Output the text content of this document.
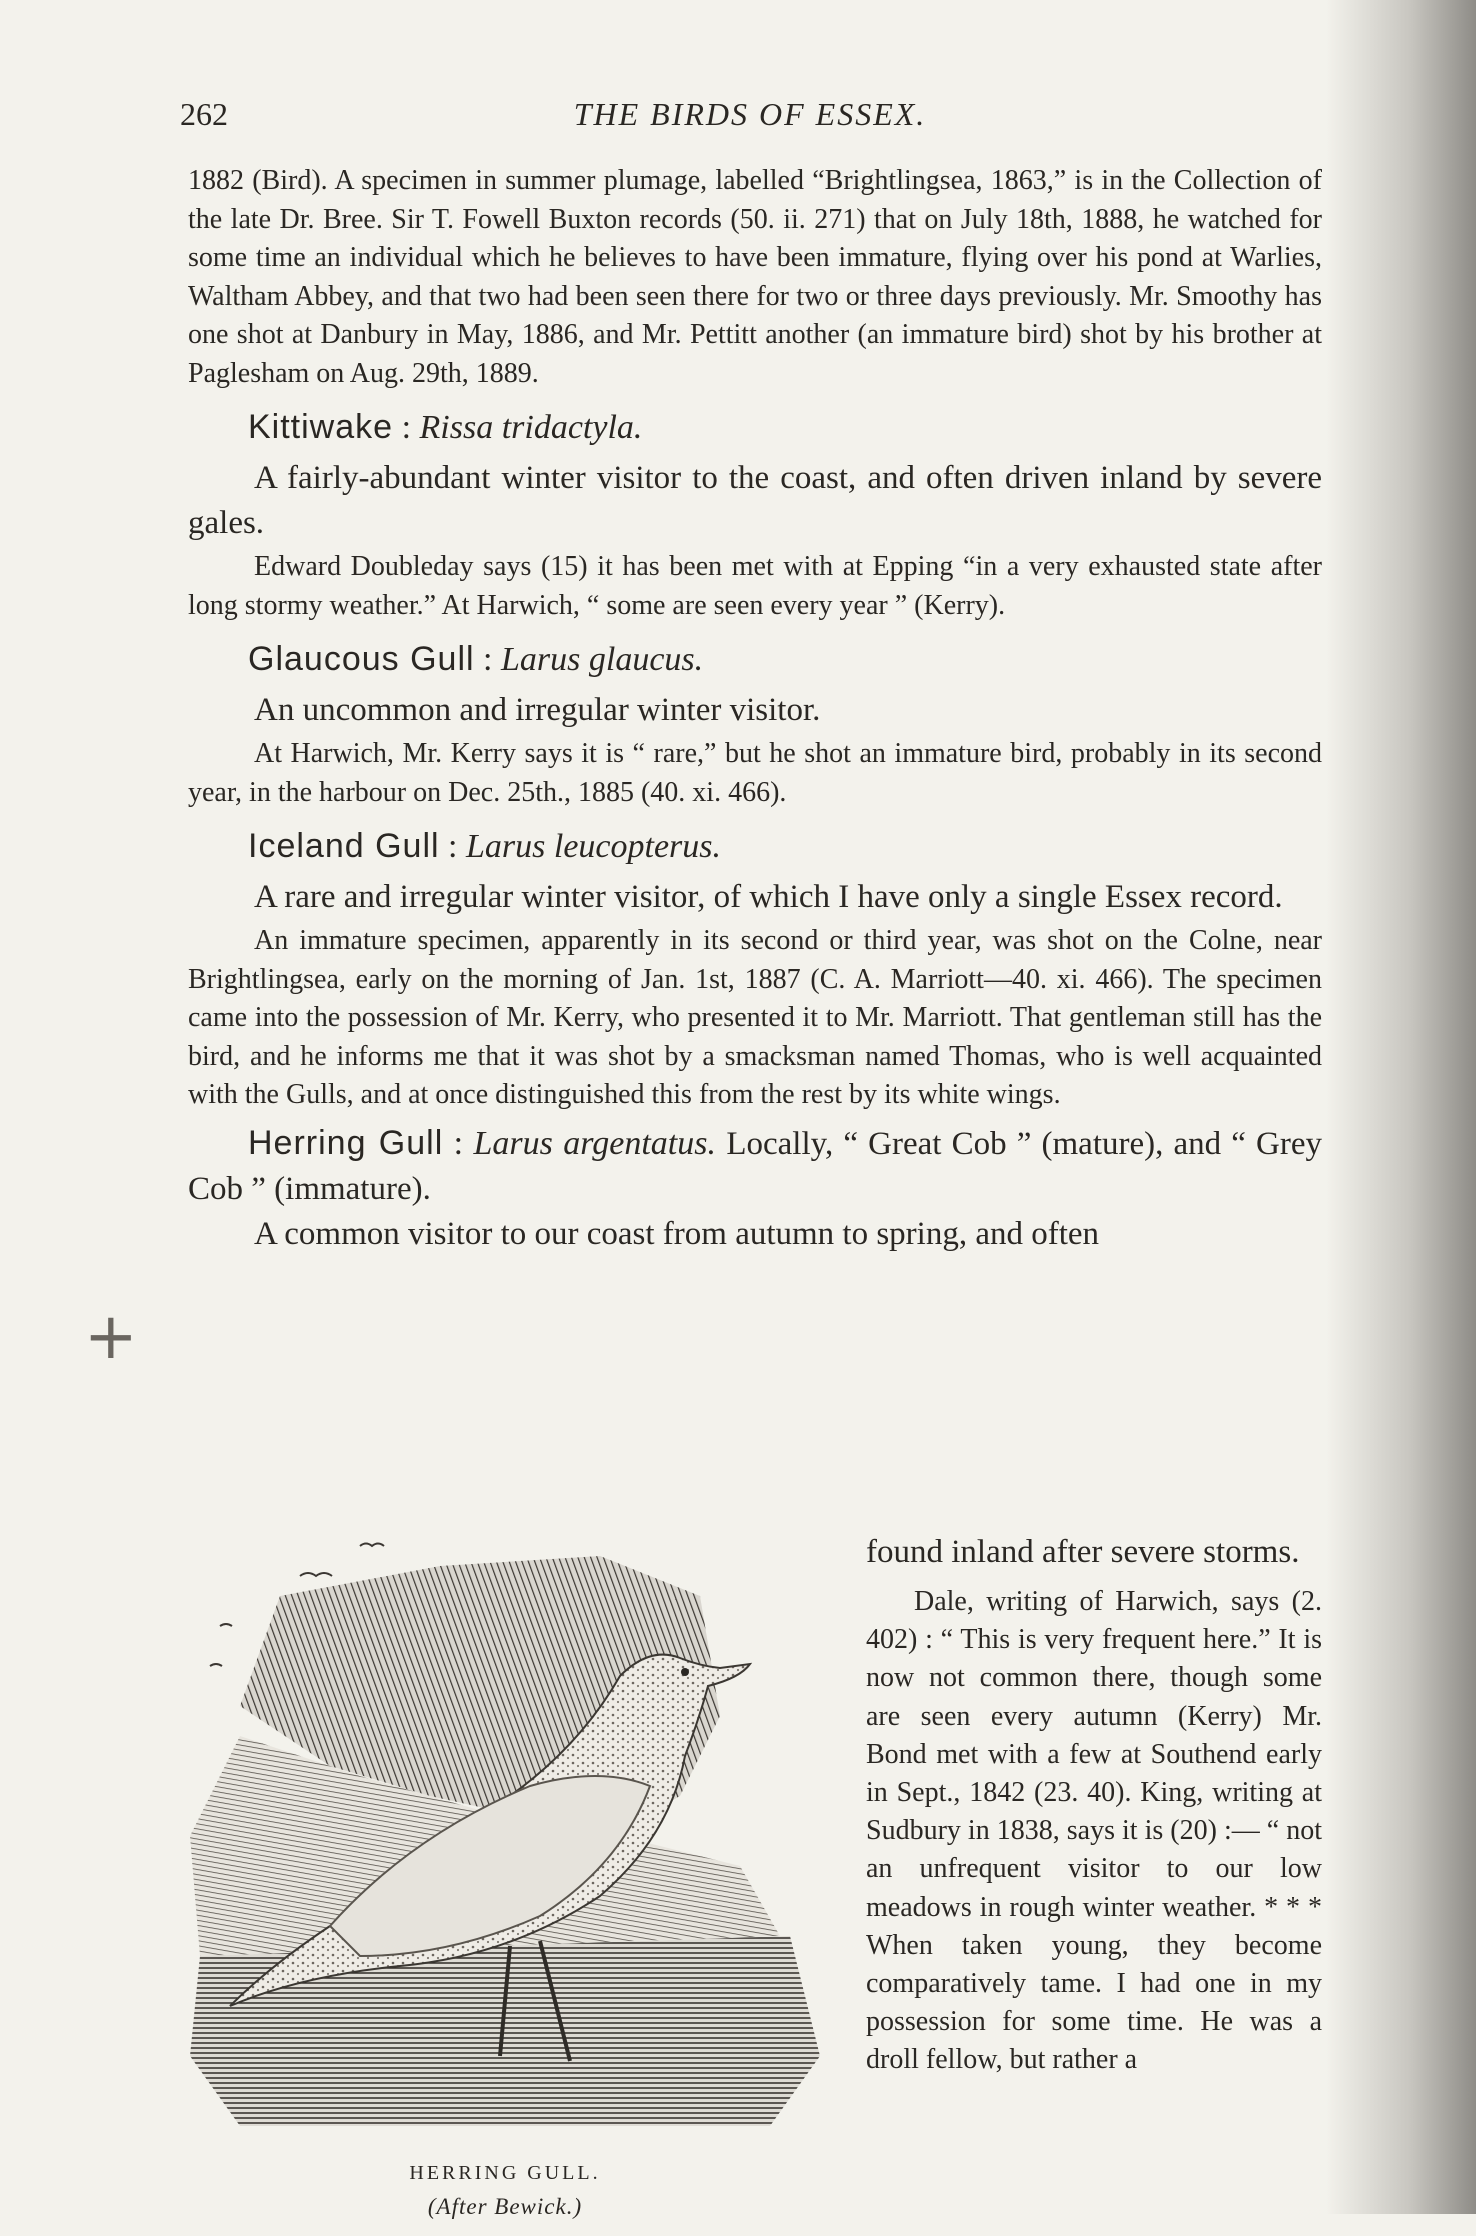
+
262	THE BIRDS OF ESSEX.

1882 (Bird). A specimen in summer plumage, labelled “Brightlingsea, 1863,” is in the Collection of the late Dr. Bree. Sir T. Fowell Buxton records (50. ii. 271) that on July 18th, 1888, he watched for some time an individual which he believes to have been immature, flying over his pond at Warlies, Waltham Abbey, and that two had been seen there for two or three days previously. Mr. Smoothy has one shot at Danbury in May, 1886, and Mr. Pettitt another (an immature bird) shot by his brother at Paglesham on Aug. 29th, 1889.

Kittiwake : Rissa tridactyla.

A fairly-abundant winter visitor to the coast, and often driven inland by severe gales.

Edward Doubleday says (15) it has been met with at Epping “in a very exhausted state after long stormy weather.” At Harwich, “ some are seen every year ” (Kerry).

Glaucous Gull : Larus glaucus.

An uncommon and irregular winter visitor.

At Harwich, Mr. Kerry says it is “ rare,” but he shot an immature bird, probably in its second year, in the harbour on Dec. 25th., 1885 (40. xi. 466).

Iceland Gull : Larus leucopterus.

A rare and irregular winter visitor, of which I have only a single Essex record.

An immature specimen, apparently in its second or third year, was shot on the Colne, near Brightlingsea, early on the morning of Jan. 1st, 1887 (C. A. Marriott—40. xi. 466). The specimen came into the possession of Mr. Kerry, who presented it to Mr. Marriott. That gentleman still has the bird, and he informs me that it was shot by a smacksman named Thomas, who is well acquainted with the Gulls, and at once distinguished this from the rest by its white wings.

Herring Gull : Larus argentatus. Locally, “ Great Cob ” (mature), and “ Grey Cob ” (immature).

A common visitor to our coast from autumn to spring, and often

HERRING GULL.
(After Bewick.)

found inland after severe storms.

Dale, writing of Harwich, says (2. 402) : “ This is very frequent here.” It is now not common there, though some are seen every autumn (Kerry) Mr. Bond met with a few at Southend early in Sept., 1842 (23. 40). King, writing at Sudbury in 1838, says it is (20) :— “ not an unfrequent visitor to our low meadows in rough winter weather. * * * When taken young, they become comparatively tame. I had one in my possession for some time. He was a droll fellow, but rather a
